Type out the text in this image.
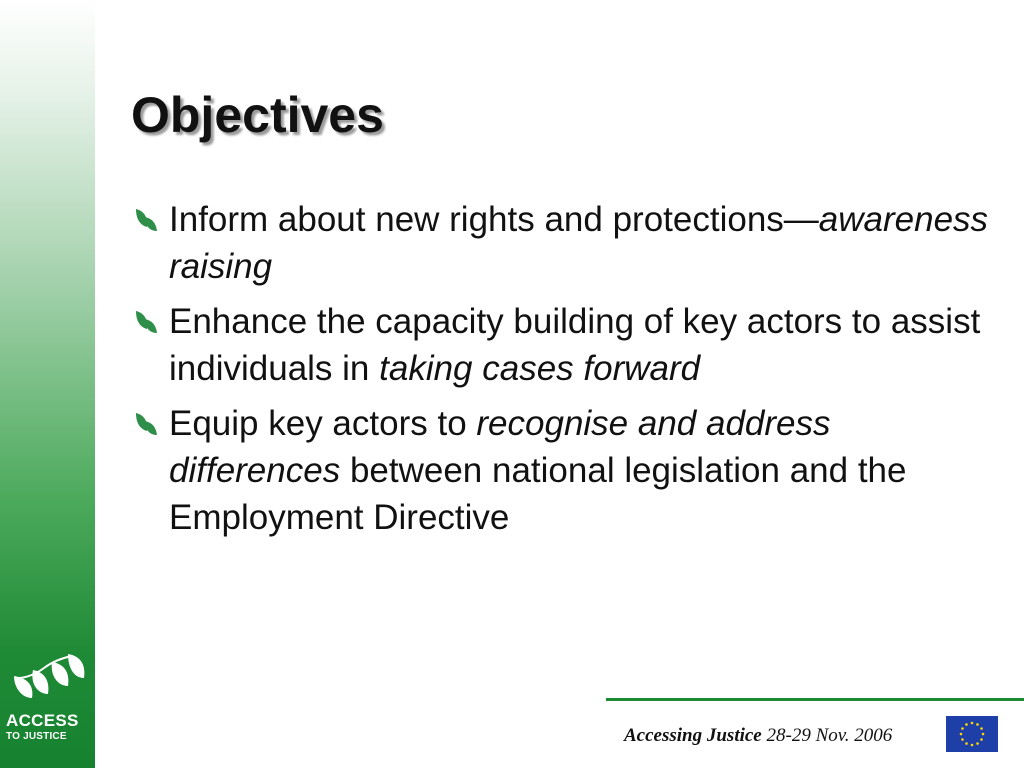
ACCESS
TO JUSTICE
Objectives
Inform about new rights and protections—awareness raising
Enhance the capacity building of key actors to assist individuals in taking cases forward
Equip key actors to recognise and address differences between national legislation and the Employment Directive
Accessing Justice 28-29 Nov. 2006
